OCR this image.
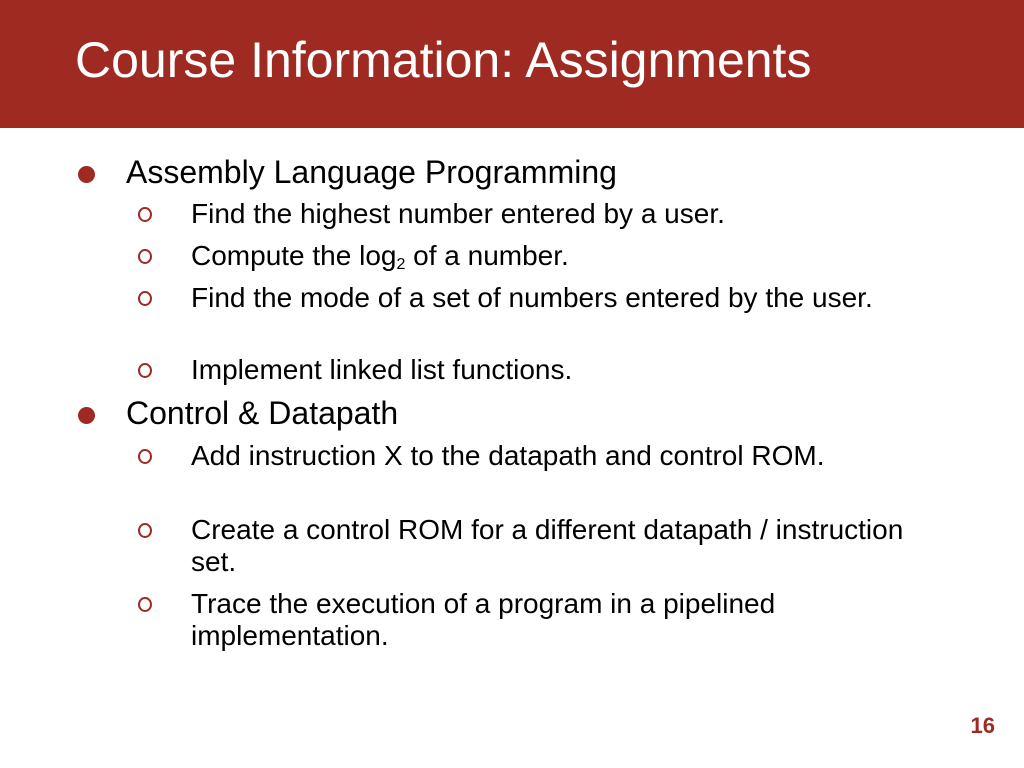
Course Information: Assignments
Assembly Language Programming
Find the highest number entered by a user.
Compute the $\log_2$ of a number.
Find the mode of a set of numbers entered by the user.
Implement linked list functions.
Control & Datapath
Add instruction X to the datapath and control ROM.
Create a control ROM for a different datapath / instruction set.
Trace the execution of a program in a pipelined implementation.
16
